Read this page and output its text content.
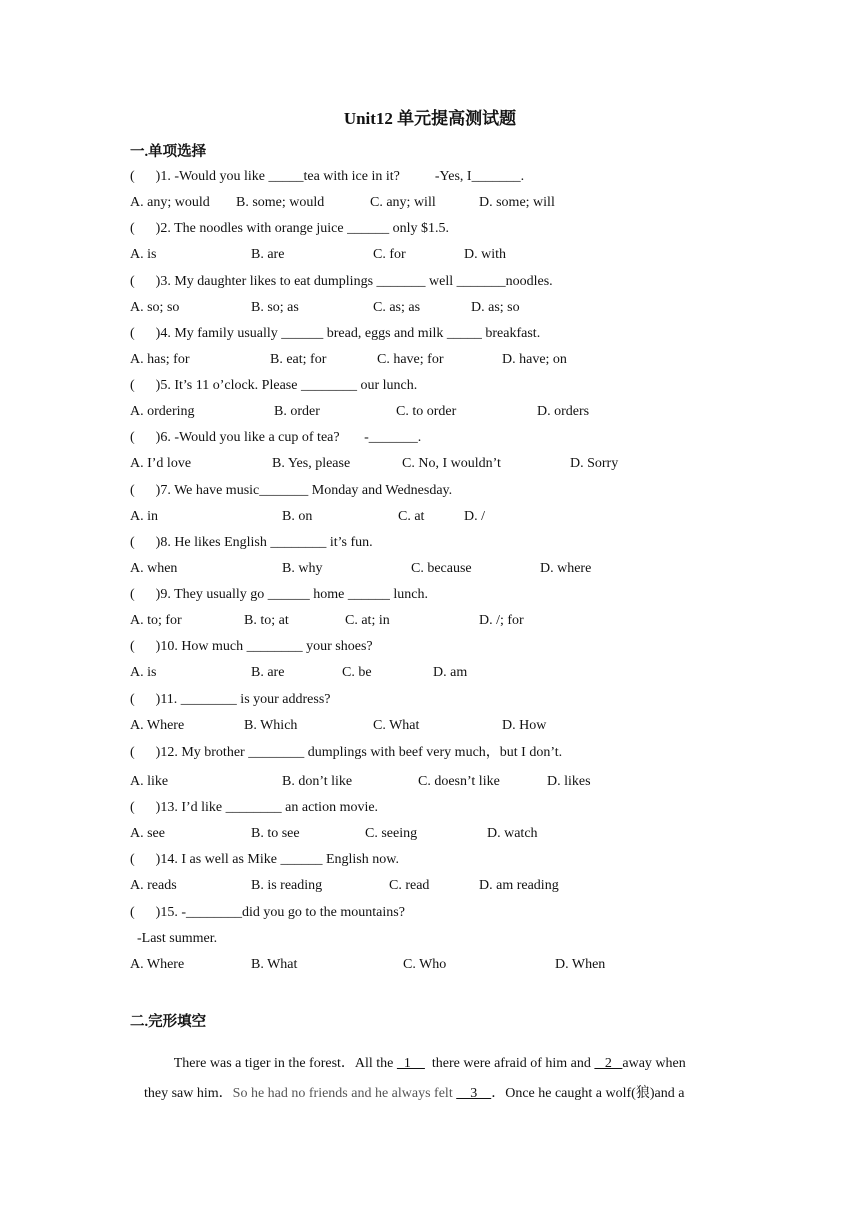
Unit12 单元提高测试题
一.单项选择
(      )1. -Would you like _____tea with ice in it?          -Yes, I_______.
A. any; would B. some; would	C. any; will	D. some; will
(      )2. The noodles with orange juice ______ only $1.5.
A. is	B. are	C. for	D. with
(      )3. My daughter likes to eat dumplings _______ well _______noodles.
A. so; so	B. so; as	C. as; as	D. as; so
(      )4. My family usually ______ bread, eggs and milk _____ breakfast.
A. has; for	B. eat; for	C. have; for	D. have; on
(      )5. It’s 11 o’clock. Please ________ our lunch.
A. ordering	B. order	C. to order	D. orders
(      )6. -Would you like a cup of tea?       -_______.
A. I’d love	B. Yes, please	C. No, I wouldn’t	D. Sorry
(      )7. We have music_______ Monday and Wednesday.
A. in	B. on	C. at	D. /
(      )8. He likes English ________ it’s fun.
A. when	B. why	C. because	D. where
(      )9. They usually go ______ home ______ lunch.
A. to; for	B. to; at	C. at; in	D. /; for
(      )10. How much ________ your shoes?
A. is	B. are	C. be	D. am
(      )11. ________ is your address?
A. Where	B. Which	C. What	D. How
(      )12. My brother ________ dumplings with beef very much，but I don’t.
A. like	B. don’t like	C. doesn’t like	D. likes
(      )13. I’d like ________ an action movie.
A. see	B. to see	C. seeing	D. watch
(      )14. I as well as Mike ______ English now.
A. reads	B. is reading	C. read	D. am reading
(      )15. -________did you go to the mountains?
-Last summer.
A. Where	B. What	C. Who	D. When
二.完形填空

There was a tiger in the forest．All the   1      there were afraid of him and    2   away when

they saw him．So he had no friends and he always felt     3    ．Once he caught a wolf(狼)and a
